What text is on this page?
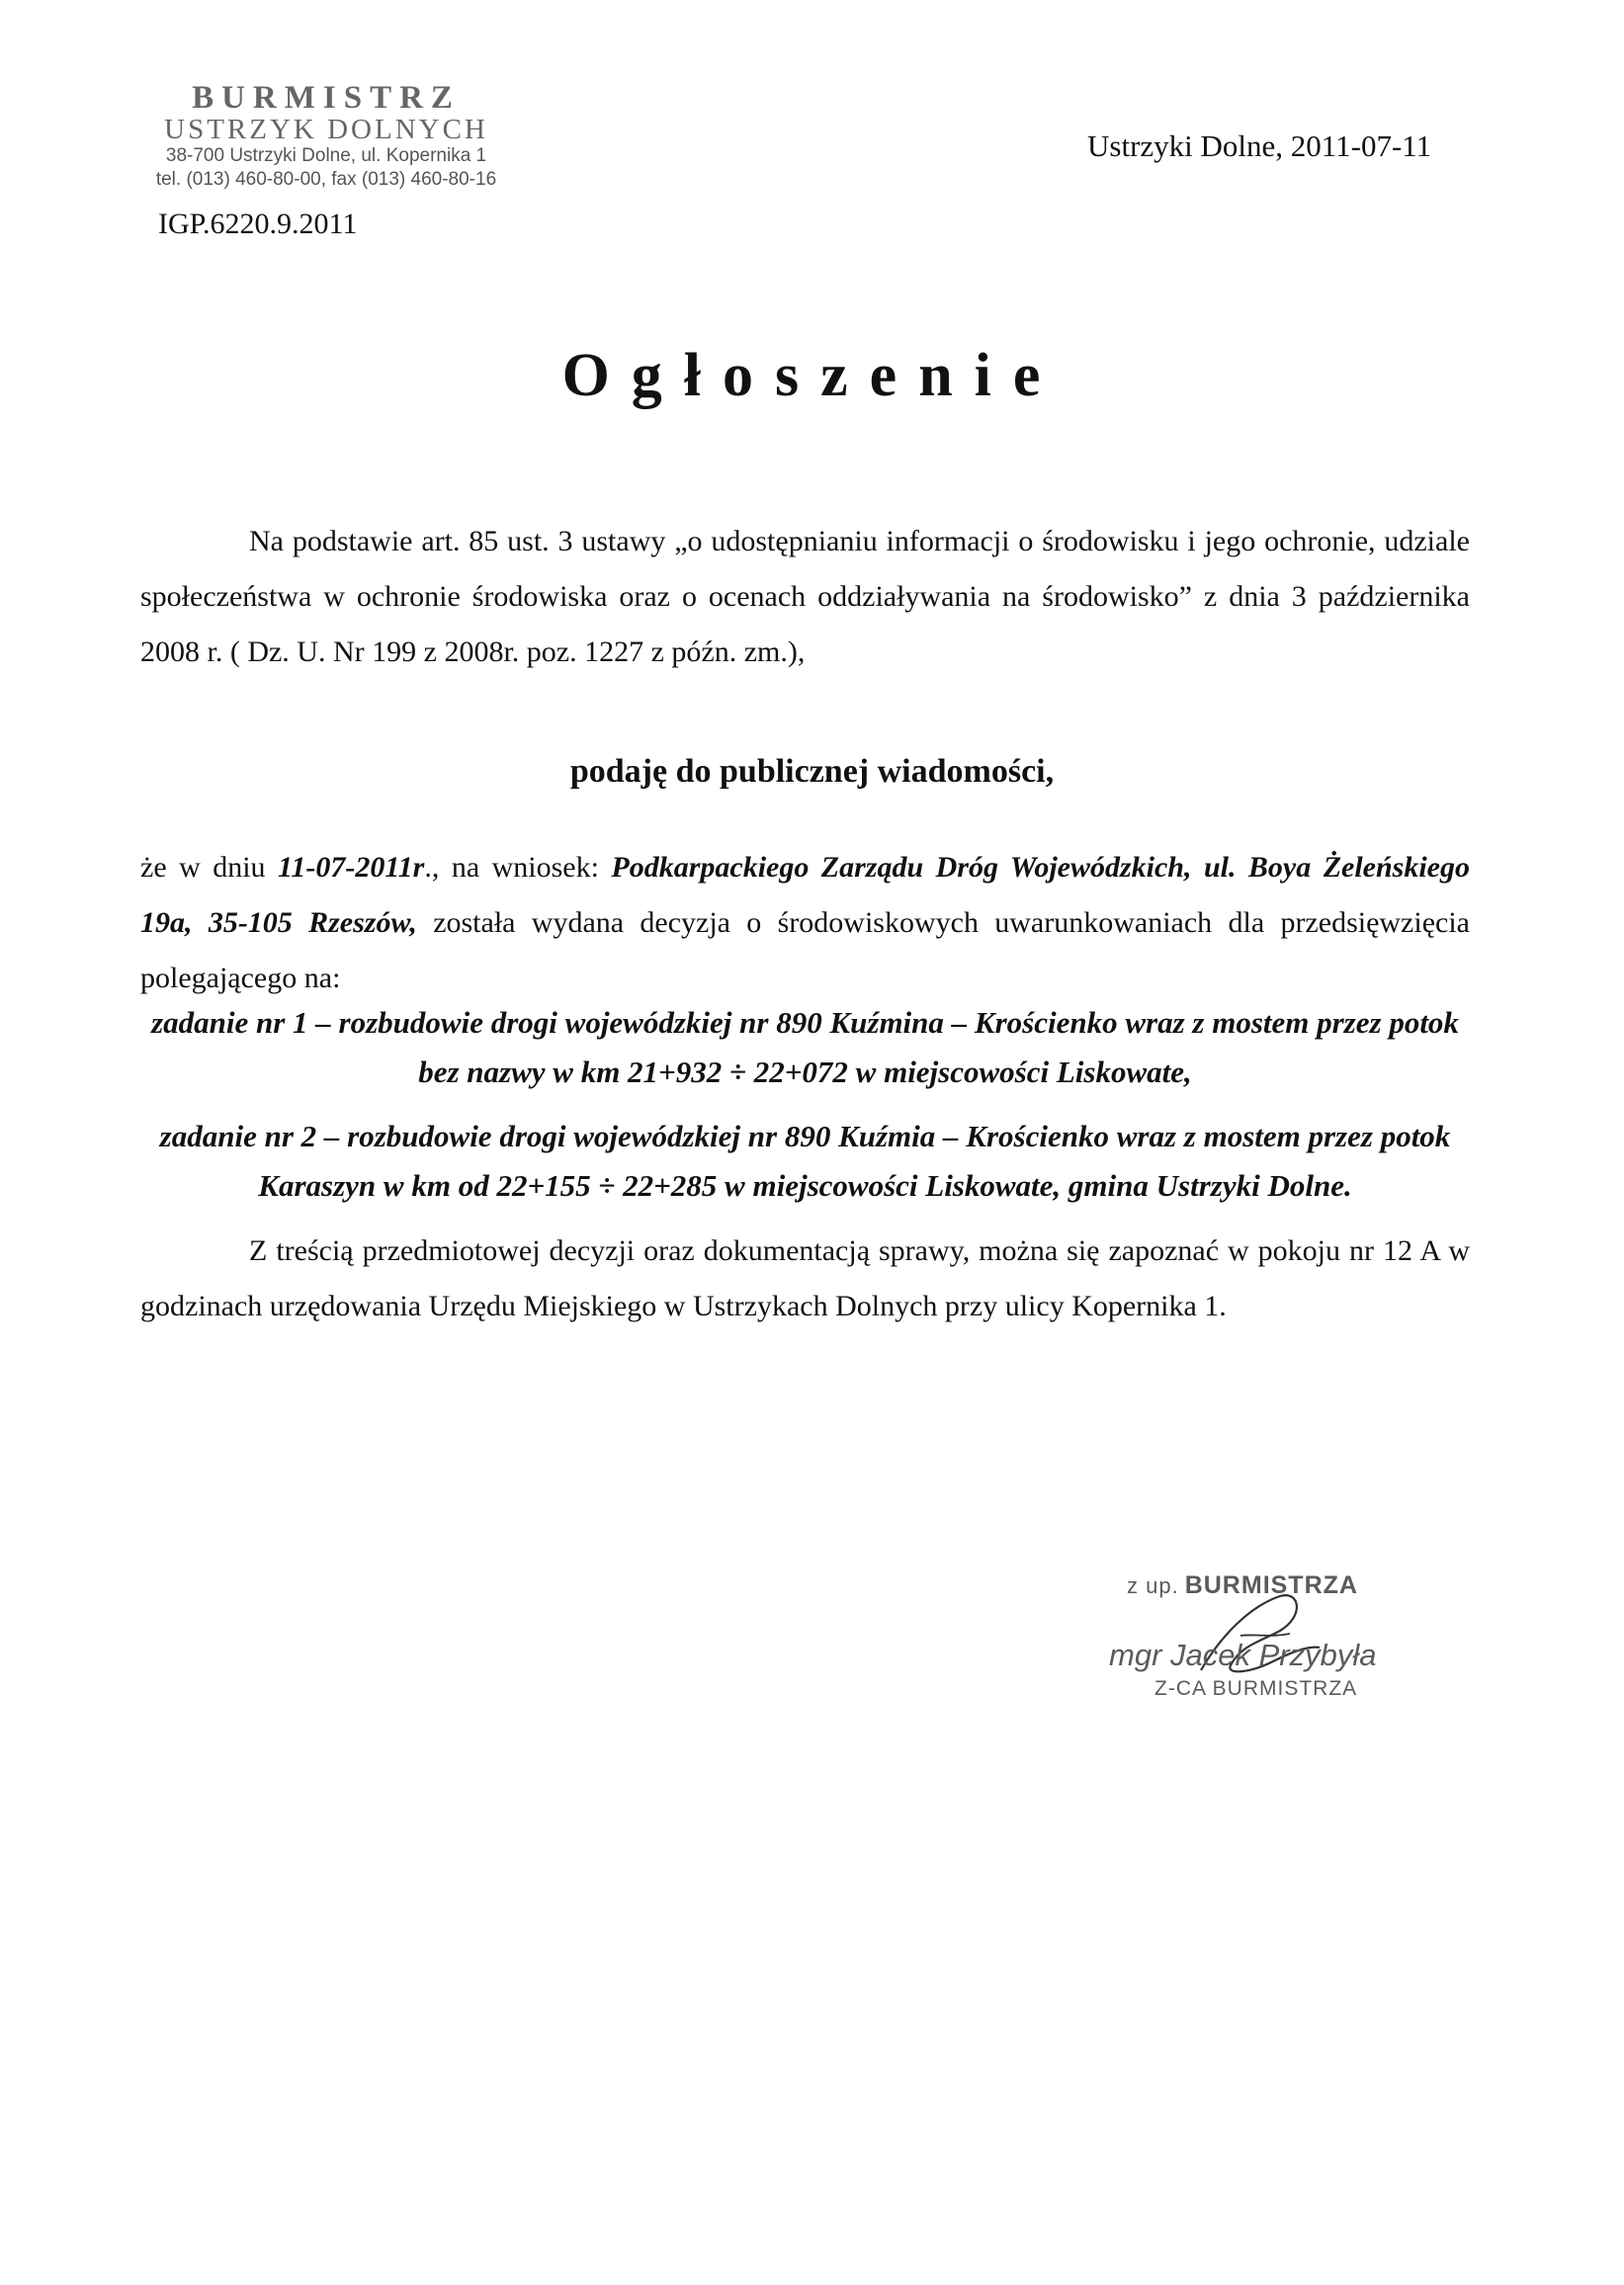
BURMISTRZ
USTRZYK DOLNYCH
38-700 Ustrzyki Dolne, ul. Kopernika 1
tel. (013) 460-80-00, fax (013) 460-80-16
IGP.6220.9.2011
Ustrzyki Dolne, 2011-07-11
Ogłoszenie
Na podstawie art. 85 ust. 3 ustawy „o udostępnianiu informacji o środowisku i jego ochronie, udziale społeczeństwa w ochronie środowiska oraz o ocenach oddziaływania na środowisko” z dnia 3 października 2008 r. ( Dz. U. Nr 199 z 2008r. poz. 1227 z późn. zm.),
podaję do publicznej wiadomości,
że w dniu 11-07-2011r., na wniosek: Podkarpackiego Zarządu Dróg Wojewódzkich, ul. Boya Żeleńskiego 19a, 35-105 Rzeszów, została wydana decyzja o środowiskowych uwarunkowaniach dla przedsięwzięcia polegającego na:
zadanie nr 1 – rozbudowie drogi wojewódzkiej nr 890 Kuźmina – Krościenko wraz z mostem przez potok bez nazwy w km 21+932 ÷ 22+072 w miejscowości Liskowate,
zadanie nr 2 – rozbudowie drogi wojewódzkiej nr 890 Kuźmia – Krościenko wraz z mostem przez potok Karaszyn w km od 22+155 ÷ 22+285 w miejscowości Liskowate, gmina Ustrzyki Dolne.
Z treścią przedmiotowej decyzji oraz dokumentacją sprawy, można się zapoznać w pokoju nr 12 A w godzinach urzędowania Urzędu Miejskiego w Ustrzykach Dolnych przy ulicy Kopernika 1.
z up. BURMISTRZA
mgr Jacek Przybyła
Z-CA BURMISTRZA
